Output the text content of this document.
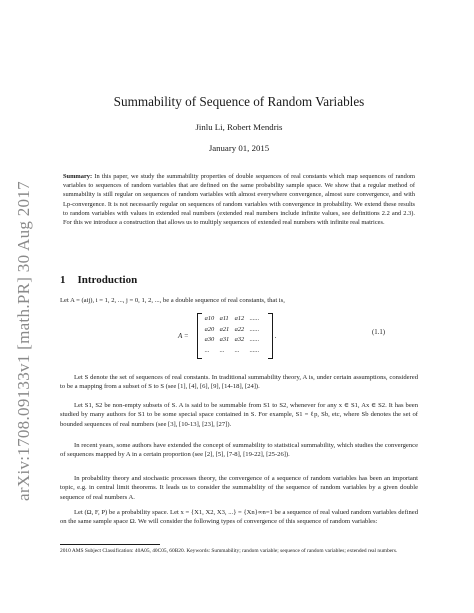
arXiv:1708.09133v1 [math.PR] 30 Aug 2017
Summability of Sequence of Random Variables
Jinlu Li, Robert Mendris
January 01, 2015

Summary: In this paper, we study the summability properties of double sequences of real constants which map sequences of random variables to sequences of random variables that are defined on the same probability sample space. We show that a regular method of summability is still regular on sequences of random variables with almost everywhere convergence, almost sure convergence, and with Lp-convergence. It is not necessarily regular on sequences of random variables with convergence in probability. We extend these results to random variables with values in extended real numbers (extended real numbers include infinite values, see definitions 2.2 and 2.3). For this we introduce a construction that allows us to multiply sequences of extended real numbers with infinite real matrices.

1 Introduction

Let A = (aij), i = 1, 2, ..., j = 0, 1, 2, ..., be a double sequence of real constants, that is,

A =
a10 a11 a12 ......
a20 a21 a22 ......
a30 a31 a32 ......
...	...	...	......
.	(1.1)

Let S denote the set of sequences of real constants. In traditional summability theory, A is, under certain assumptions, considered to be a mapping from a subset of S to S (see [1], [4], [6], [9], [14-18], [24]).

Let S1, S2 be non-empty subsets of S. A is said to be summable from S1 to S2, whenever for any x ∈ S1, Ax ∈ S2. It has been studied by many authors for S1 to be some special space contained in S. For example, S1 = ℓp, Sb, etc, where Sb denotes the set of bounded sequences of real numbers (see [3], [10-13], [23], [27]).

In recent years, some authors have extended the concept of summability to statistical summability, which studies the convergence of sequences mapped by A in a certain proportion (see [2], [5], [7-8], [19-22], [25-26]).

In probability theory and stochastic processes theory, the convergence of a sequence of random variables has been an important topic, e.g. in central limit theorems. It leads us to consider the summability of the sequence of random variables by a given double sequence of real numbers A.

Let (Ω, F, P) be a probability space. Let x = {X1, X2, X3, ...} = {Xn}∞n=1 be a sequence of real valued random variables defined on the same sample space Ω. We will consider the following types of convergence of this sequence of random variables:

2010 AMS Subject Classification: 40A05, 40C05, 60B20. Keywords: Summability; random variable; sequence of random variables; extended real numbers.
